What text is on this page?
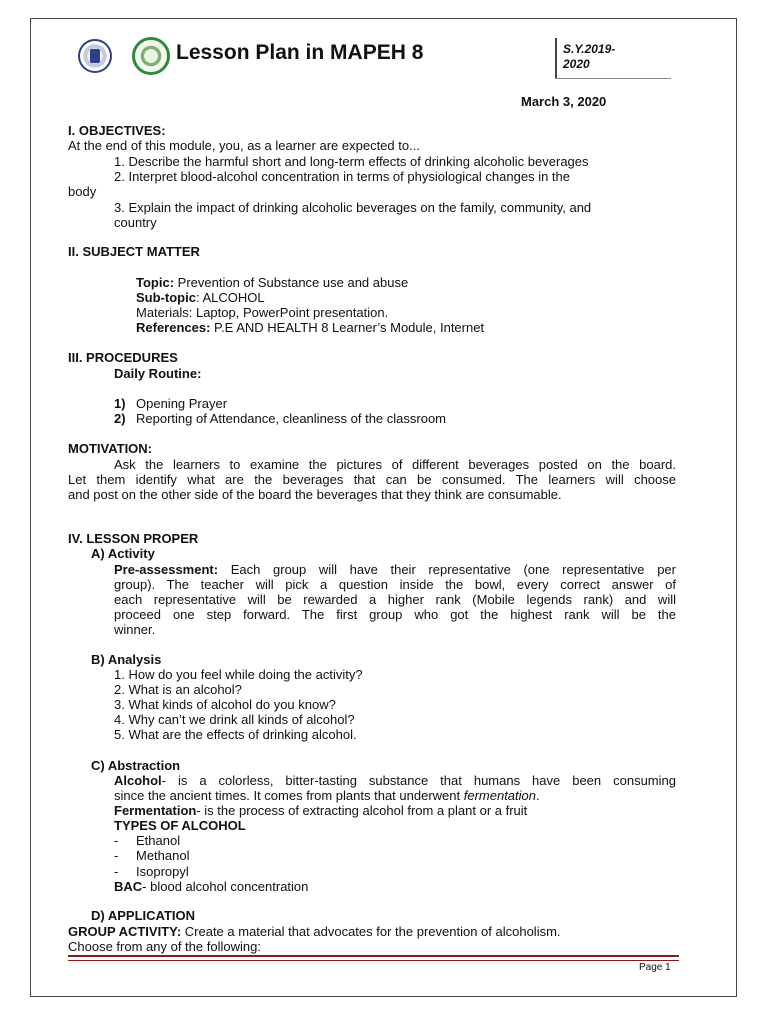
Lesson Plan in MAPEH 8	S.Y.2019-
2020
March 3, 2020
I. OBJECTIVES:
At the end of this module, you, as a learner are expected to...
1. Describe the harmful short and long-term effects of drinking alcoholic beverages
2. Interpret blood-alcohol concentration in terms of physiological changes in the
body
3. Explain the impact of drinking alcoholic beverages on the family, community, and
country
II. SUBJECT MATTER
Topic: Prevention of Substance use and abuse
Sub-topic: ALCOHOL
Materials: Laptop, PowerPoint presentation.
References: P.E AND HEALTH 8 Learner’s Module, Internet
III. PROCEDURES
Daily Routine:
1) Opening Prayer
2) Reporting of Attendance, cleanliness of the classroom
MOTIVATION:
Ask the learners to examine the pictures of different beverages posted on the board.
Let them identify what are the beverages that can be consumed. The learners will choose
and post on the other side of the board the beverages that they think are consumable.
IV. LESSON PROPER
A) Activity
Pre-assessment: Each group will have their representative (one representative per
group). The teacher will pick a question inside the bowl, every correct answer of
each representative will be rewarded a higher rank (Mobile legends rank) and will
proceed one step forward. The first group who got the highest rank will be the
winner.
B) Analysis
1. How do you feel while doing the activity?
2. What is an alcohol?
3. What kinds of alcohol do you know?
4. Why can’t we drink all kinds of alcohol?
5. What are the effects of drinking alcohol.
C) Abstraction
Alcohol- is a colorless, bitter-tasting substance that humans have been consuming
since the ancient times. It comes from plants that underwent fermentation.
Fermentation- is the process of extracting alcohol from a plant or a fruit
TYPES OF ALCOHOL
- Ethanol
- Methanol
- Isopropyl
BAC- blood alcohol concentration
D) APPLICATION
GROUP ACTIVITY: Create a material that advocates for the prevention of alcoholism.
Choose from any of the following:
Page 1
